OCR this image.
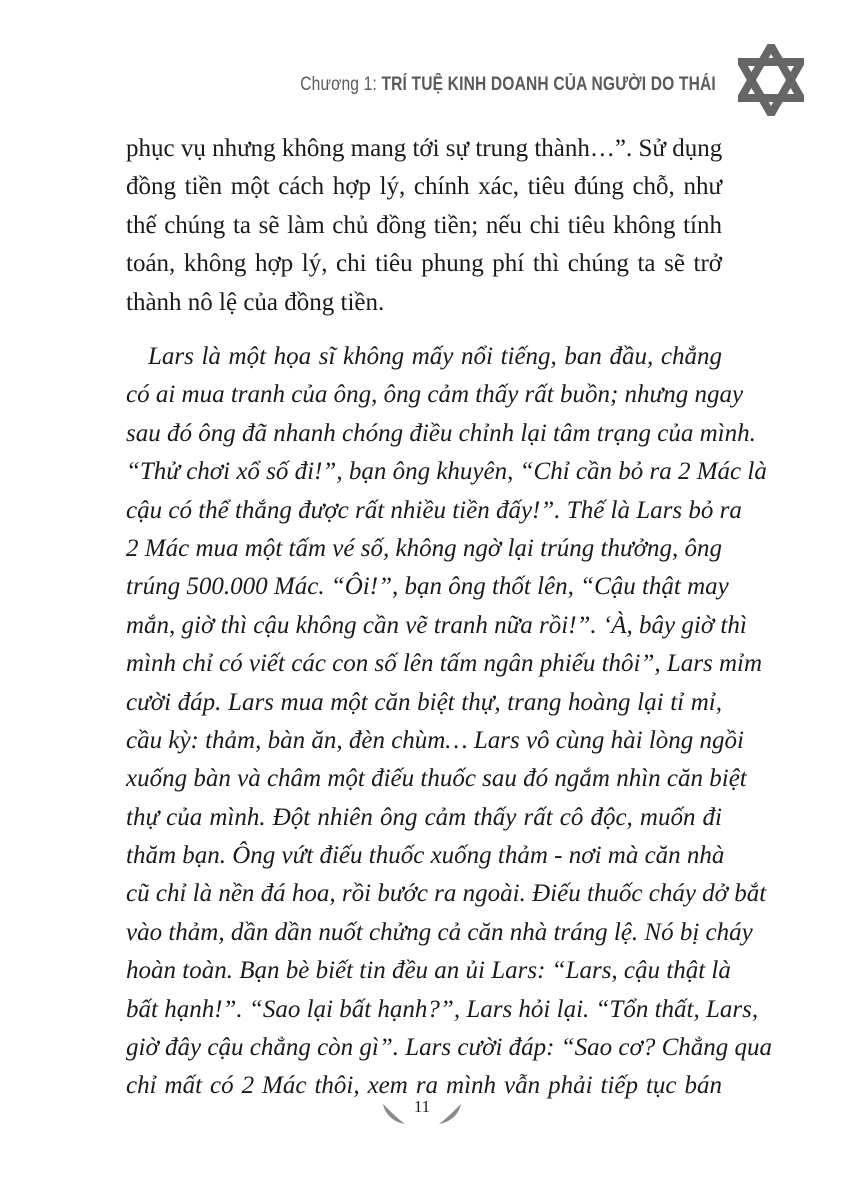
Chương 1: TRÍ TUỆ KINH DOANH CỦA NGƯỜI DO THÁI
phục vụ nhưng không mang tới sự trung thành…”. Sử dụng
đồng tiền một cách hợp lý, chính xác, tiêu đúng chỗ, như
thế chúng ta sẽ làm chủ đồng tiền; nếu chi tiêu không tính
toán, không hợp lý, chi tiêu phung phí thì chúng ta sẽ trở
thành nô lệ của đồng tiền.
Lars là một họa sĩ không mấy nổi tiếng, ban đầu, chẳng
có ai mua tranh của ông, ông cảm thấy rất buồn; nhưng ngay
sau đó ông đã nhanh chóng điều chỉnh lại tâm trạng của mình.
“Thử chơi xổ số đi!”, bạn ông khuyên, “Chỉ cần bỏ ra 2 Mác là
cậu có thể thắng được rất nhiều tiền đấy!”. Thế là Lars bỏ ra
2 Mác mua một tấm vé số, không ngờ lại trúng thưởng, ông
trúng 500.000 Mác. “Ôi!”, bạn ông thốt lên, “Cậu thật may
mắn, giờ thì cậu không cần vẽ tranh nữa rồi!”. ‘À, bây giờ thì
mình chỉ có viết các con số lên tấm ngân phiếu thôi”, Lars mỉm
cười đáp. Lars mua một căn biệt thự, trang hoàng lại tỉ mỉ,
cầu kỳ: thảm, bàn ăn, đèn chùm… Lars vô cùng hài lòng ngồi
xuống bàn và châm một điếu thuốc sau đó ngắm nhìn căn biệt
thự của mình. Đột nhiên ông cảm thấy rất cô độc, muốn đi
thăm bạn. Ông vứt điếu thuốc xuống thảm - nơi mà căn nhà
cũ chỉ là nền đá hoa, rồi bước ra ngoài. Điếu thuốc cháy dở bắt
vào thảm, dần dần nuốt chửng cả căn nhà tráng lệ. Nó bị cháy
hoàn toàn. Bạn bè biết tin đều an ủi Lars: “Lars, cậu thật là
bất hạnh!”. “Sao lại bất hạnh?”, Lars hỏi lại. “Tổn thất, Lars,
giờ đây cậu chẳng còn gì”. Lars cười đáp: “Sao cơ? Chẳng qua
chỉ mất có 2 Mác thôi, xem ra mình vẫn phải tiếp tục bán
11
